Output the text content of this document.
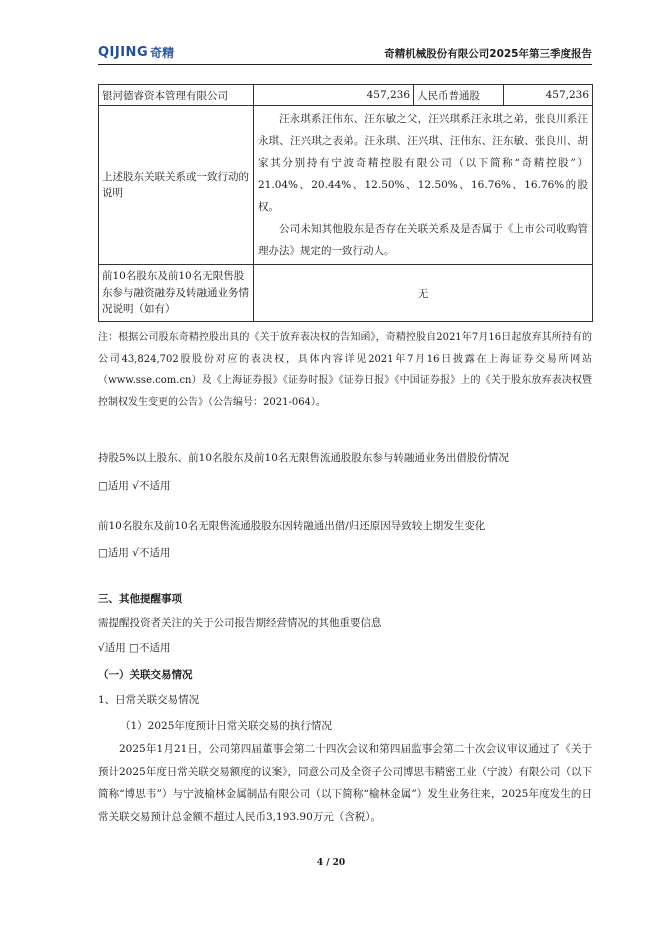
QIJING 奇精	奇精机械股份有限公司2025年第三季度报告
银河德睿资本管理有限公司	457,236	人民币普通股	457,236
上述股东关联关系或一致行动的说明	汪永琪系汪伟东、汪东敏之父，汪兴琪系汪永琪之弟，张良川系汪永琪、汪兴琪之表弟。汪永琪、汪兴琪、汪伟东、汪东敏、张良川、胡家其分别持有宁波奇精控股有限公司（以下简称“奇精控股”）21.04%、20.44%、12.50%、12.50%、16.76%、16.76%的股权。

公司未知其他股东是否存在关联关系及是否属于《上市公司收购管理办法》规定的一致行动人。		

前10名股东及前10名无限售股东参与融资融券及转融通业务情况说明（如有）	无		
注：根据公司股东奇精控股出具的《关于放弃表决权的告知函》，奇精控股自2021年7月16日起放弃其所持有的公司43,824,702股股份对应的表决权，具体内容详见2021年7月16日披露在上海证券交易所网站（www.sse.com.cn）及《上海证券报》《证券时报》《证券日报》《中国证券报》上的《关于股东放弃表决权暨控制权发生变更的公告》（公告编号：2021-064）。
持股5%以上股东、前10名股东及前10名无限售流通股股东参与转融通业务出借股份情况
□适用 √不适用
前10名股东及前10名无限售流通股股东因转融通出借/归还原因导致较上期发生变化
□适用 √不适用
三、其他提醒事项
需提醒投资者关注的关于公司报告期经营情况的其他重要信息
√适用 □不适用
（一）关联交易情况
1、日常关联交易情况
（1）2025年度预计日常关联交易的执行情况
2025年1月21日，公司第四届董事会第二十四次会议和第四届监事会第二十次会议审议通过了《关于预计2025年度日常关联交易额度的议案》，同意公司及全资子公司博思韦精密工业（宁波）有限公司（以下简称“博思韦”）与宁波榆林金属制品有限公司（以下简称“榆林金属”）发生业务往来，2025年度发生的日常关联交易预计总金额不超过人民币3,193.90万元（含税）。
4 / 20
